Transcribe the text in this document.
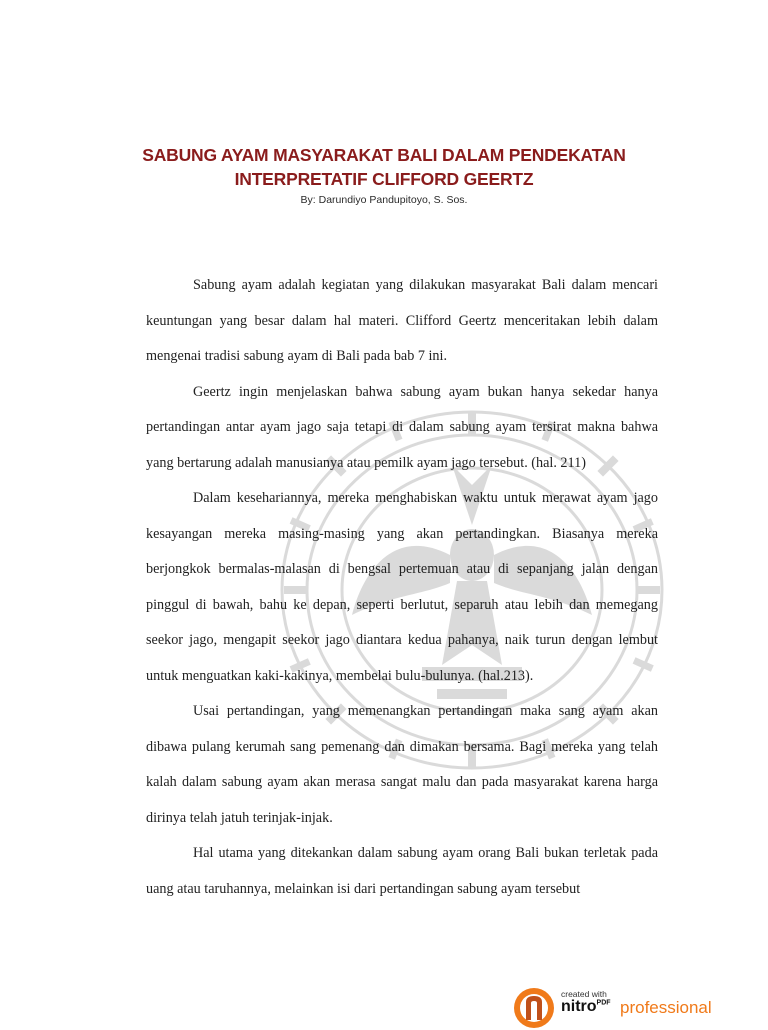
SABUNG AYAM MASYARAKAT BALI DALAM PENDEKATAN
INTERPRETATIF CLIFFORD GEERTZ
By: Darundiyo Pandupitoyo, S. Sos.

Sabung ayam adalah kegiatan yang dilakukan masyarakat Bali dalam mencari keuntungan yang besar dalam hal materi. Clifford Geertz menceritakan lebih dalam mengenai tradisi sabung ayam di Bali pada bab 7 ini.

Geertz ingin menjelaskan bahwa sabung ayam bukan hanya sekedar hanya pertandingan antar ayam jago saja tetapi di dalam sabung ayam tersirat makna bahwa yang bertarung adalah manusianya atau pemilk ayam jago tersebut. (hal. 211)

Dalam kesehariannya, mereka menghabiskan waktu untuk merawat ayam jago kesayangan mereka masing-masing yang akan pertandingkan. Biasanya mereka berjongkok bermalas-malasan di bengsal pertemuan atau di sepanjang jalan dengan pinggul di bawah, bahu ke depan, seperti berlutut, separuh atau lebih dan memegang seekor jago, mengapit seekor jago diantara kedua pahanya, naik turun dengan lembut untuk menguatkan kaki-kakinya, membelai bulu-bulunya. (hal.213).

Usai pertandingan, yang memenangkan pertandingan maka sang ayam akan dibawa pulang kerumah sang pemenang dan dimakan bersama. Bagi mereka yang telah kalah dalam sabung ayam akan merasa sangat malu dan pada masyarakat karena harga dirinya telah jatuh terinjak-injak.

Hal utama yang ditekankan dalam sabung ayam orang Bali bukan terletak pada uang atau taruhannya, melainkan isi dari pertandingan sabung ayam tersebut

created with
nitro$^{PDF}$ professional
